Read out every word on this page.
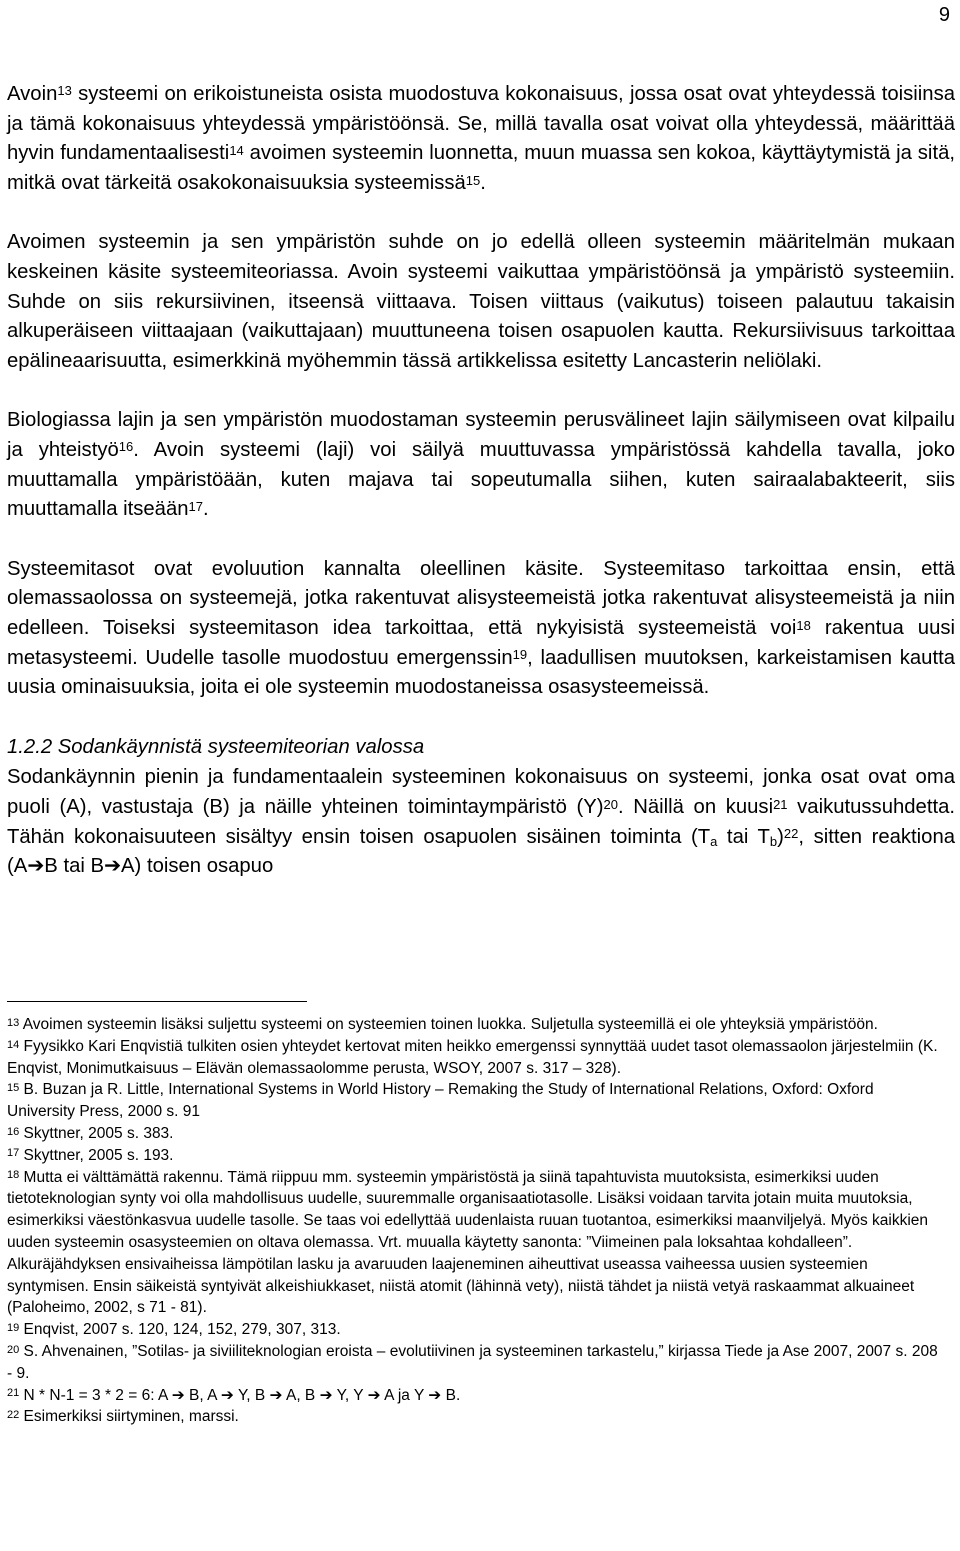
9

Avoin$^{13}$ systeemi on erikoistuneista osista muodostuva kokonaisuus, jossa osat ovat yhteydessä toisiinsa ja tämä kokonaisuus yhteydessä ympäristöönsä. Se, millä tavalla osat voivat olla yhteydessä, määrittää hyvin fundamentaalisesti$^{14}$ avoimen systeemin luonnetta, muun muassa sen kokoa, käyttäytymistä ja sitä, mitkä ovat tärkeitä osakokonaisuuksia systeemissä$^{15}$.

Avoimen systeemin ja sen ympäristön suhde on jo edellä olleen systeemin määritelmän mukaan keskeinen käsite systeemiteoriassa. Avoin systeemi vaikuttaa ympäristöönsä ja ympäristö systeemiin. Suhde on siis rekursiivinen, itseensä viittaava. Toisen viittaus (vaikutus) toiseen palautuu takaisin alkuperäiseen viittaajaan (vaikuttajaan) muuttuneena toisen osapuolen kautta. Rekursiivisuus tarkoittaa epälineaarisuutta, esimerkkinä myöhemmin tässä artikkelissa esitetty Lancasterin neliölaki.

Biologiassa lajin ja sen ympäristön muodostaman systeemin perusvälineet lajin säilymiseen ovat kilpailu ja yhteistyö$^{16}$. Avoin systeemi (laji) voi säilyä muuttuvassa ympäristössä kahdella tavalla, joko muuttamalla ympäristöään, kuten majava tai sopeutumalla siihen, kuten sairaalabakteerit, siis muuttamalla itseään$^{17}$.

Systeemitasot ovat evoluution kannalta oleellinen käsite. Systeemitaso tarkoittaa ensin, että olemassaolossa on systeemejä, jotka rakentuvat alisysteemeistä jotka rakentuvat alisysteemeistä ja niin edelleen. Toiseksi systeemitason idea tarkoittaa, että nykyisistä systeemeistä voi$^{18}$ rakentua uusi metasysteemi. Uudelle tasolle muodostuu emergenssin$^{19}$, laadullisen muutoksen, karkeistamisen kautta uusia ominaisuuksia, joita ei ole systeemin muodostaneissa osasysteemeissä.

1.2.2 Sodankäynnistä systeemiteorian valossa

Sodankäynnin pienin ja fundamentaalein systeeminen kokonaisuus on systeemi, jonka osat ovat oma puoli (A), vastustaja (B) ja näille yhteinen toimintaympäristö $(Y)^{20}$. Näillä on kuusi$^{21}$ vaikutussuhdetta. Tähän kokonaisuuteen sisältyy ensin toisen osapuolen sisäinen toiminta ($T_a$ tai $T_b)^{22}$, sitten reaktiona (A➔B tai B➔A) toisen osapuo

$^{13}$ Avoimen systeemin lisäksi suljettu systeemi on systeemien toinen luokka. Suljetulla systeemillä ei ole yhteyksiä ympäristöön.

$^{14}$ Fyysikko Kari Enqvistiä tulkiten osien yhteydet kertovat miten heikko emergenssi synnyttää uudet tasot olemassaolon järjestelmiin (K. Enqvist, Monimutkaisuus – Elävän olemassaolomme perusta, WSOY, 2007 s. 317 – 328).

$^{15}$ B. Buzan ja R. Little, International Systems in World History – Remaking the Study of International Relations, Oxford: Oxford University Press, 2000 s. 91

$^{16}$ Skyttner, 2005 s. 383.

$^{17}$ Skyttner, 2005 s. 193.

$^{18}$ Mutta ei välttämättä rakennu. Tämä riippuu mm. systeemin ympäristöstä ja siinä tapahtuvista muutoksista, esimerkiksi uuden tietoteknologian synty voi olla mahdollisuus uudelle, suuremmalle organisaatiotasolle. Lisäksi voidaan tarvita jotain muita muutoksia, esimerkiksi väestönkasvua uudelle tasolle. Se taas voi edellyttää uudenlaista ruuan tuotantoa, esimerkiksi maanviljelyä. Myös kaikkien uuden systeemin osasysteemien on oltava olemassa. Vrt. muualla käytetty sanonta: ”Viimeinen pala loksahtaa kohdalleen”. Alkuräjähdyksen ensivaiheissa lämpötilan lasku ja avaruuden laajeneminen aiheuttivat useassa vaiheessa uusien systeemien syntymisen. Ensin säikeistä syntyivät alkeishiukkaset, niistä atomit (lähinnä vety), niistä tähdet ja niistä vetyä raskaammat alkuaineet (Paloheimo, 2002, s 71 - 81).

$^{19}$ Enqvist, 2007 s. 120, 124, 152, 279, 307, 313.

$^{20}$ S. Ahvenainen, ”Sotilas- ja siviiliteknologian eroista – evolutiivinen ja systeeminen tarkastelu,” kirjassa Tiede ja Ase 2007, 2007 s. 208 - 9.

$^{21}$ N * N-1 = 3 * 2 = 6: A ➔ B, A ➔ Y, B ➔ A, B ➔ Y, Y ➔ A ja Y ➔ B.

$^{22}$ Esimerkiksi siirtyminen, marssi.
